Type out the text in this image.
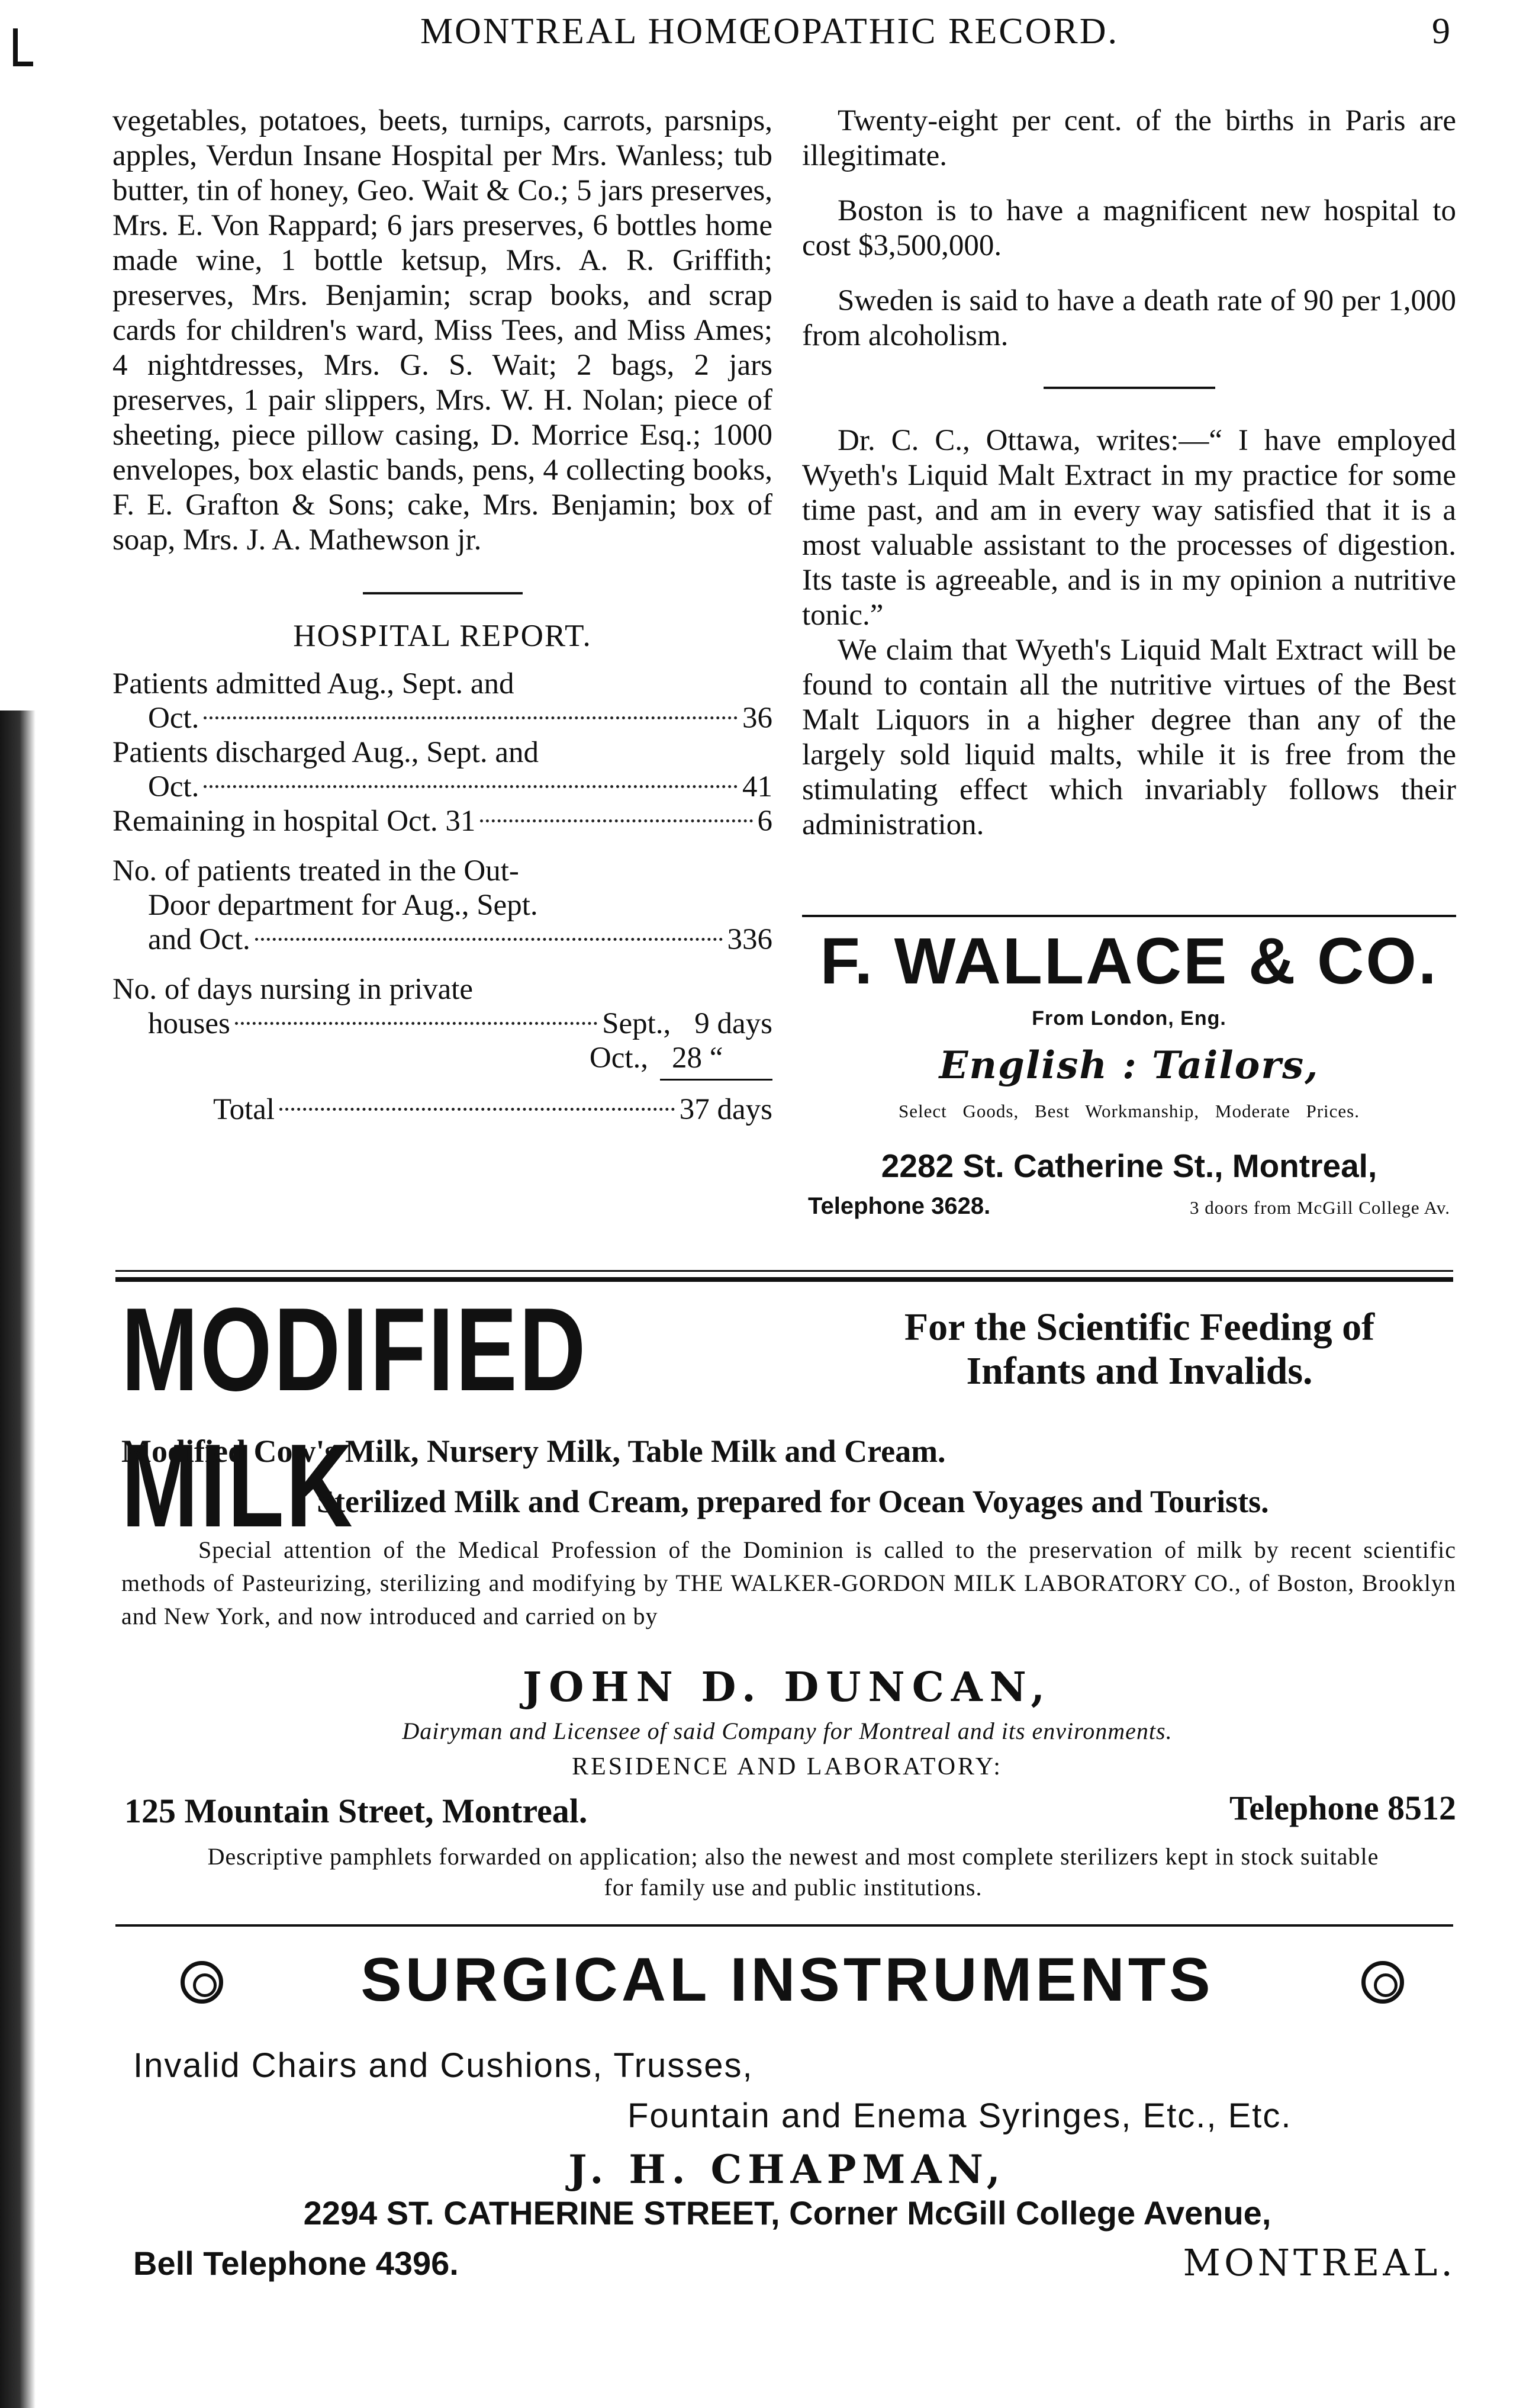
MONTREAL HOMŒOPATHIC RECORD.	9

vegetables, potatoes, beets, turnips, carrots, parsnips, apples, Verdun Insane Hospital per Mrs. Wanless; tub butter, tin of honey, Geo. Wait & Co.; 5 jars preserves, Mrs. E. Von Rappard; 6 jars preserves, 6 bottles home made wine, 1 bottle ketsup, Mrs. A. R. Griffith; preserves, Mrs. Benjamin; scrap books, and scrap cards for children's ward, Miss Tees, and Miss Ames; 4 nightdresses, Mrs. G. S. Wait; 2 bags, 2 jars preserves, 1 pair slippers, Mrs. W. H. Nolan; piece of sheeting, piece pillow casing, D. Morrice Esq.; 1000 envelopes, box elastic bands, pens, 4 collecting books, F. E. Grafton & Sons; cake, Mrs. Benjamin; box of soap, Mrs. J. A. Mathewson jr.

HOSPITAL REPORT.

Patients admitted Aug., Sept. and

Oct.	36

Patients discharged Aug., Sept. and

Oct.	41
Remaining in hospital Oct. 31	6

No. of patients treated in the Out-

Door department for Aug., Sept.

and Oct.	336

No. of days nursing in private

houses	Sept., 9 days
Oct., 28 “
Total	37 days

Twenty-eight per cent. of the births in Paris are illegitimate.

Boston is to have a magnificent new hospital to cost $3,500,000.

Sweden is said to have a death rate of 90 per 1,000 from alcoholism.

Dr. C. C., Ottawa, writes:—“ I have employed Wyeth's Liquid Malt Extract in my practice for some time past, and am in every way satisfied that it is a most valuable assistant to the processes of digestion. Its taste is agreeable, and is in my opinion a nutritive tonic.”

We claim that Wyeth's Liquid Malt Extract will be found to contain all the nutritive virtues of the Best Malt Liquors in a higher degree than any of the largely sold liquid malts, while it is free from the stimulating effect which invariably follows their administration.

F. WALLACE & CO.
From London, Eng.
English : Tailors,
Select Goods, Best Workmanship, Moderate Prices.
2282 St. Catherine St., Montreal,
Telephone 3628.	3 doors from McGill College Av.
MODIFIED MILK
For the Scientific Feeding of
Infants and Invalids.
Modified Cow's Milk, Nursery Milk, Table Milk and Cream.
Sterilized Milk and Cream, prepared for Ocean Voyages and Tourists.
Special attention of the Medical Profession of the Dominion is called to the preservation of milk by recent scientific methods of Pasteurizing, sterilizing and modifying by THE WALKER-GORDON MILK LABORATORY CO., of Boston, Brooklyn and New York, and now introduced and carried on by
JOHN D. DUNCAN,
Dairyman and Licensee of said Company for Montreal and its environments.
RESIDENCE AND LABORATORY:
125 Mountain Street, Montreal.	Telephone 8512
Descriptive pamphlets forwarded on application; also the newest and most complete sterilizers kept in stock suitable for family use and public institutions.
SURGICAL INSTRUMENTS
Invalid Chairs and Cushions, Trusses,
Fountain and Enema Syringes, Etc., Etc.
J. H. CHAPMAN,
2294 ST. CATHERINE STREET, Corner McGill College Avenue,
Bell Telephone 4396.	MONTREAL.
